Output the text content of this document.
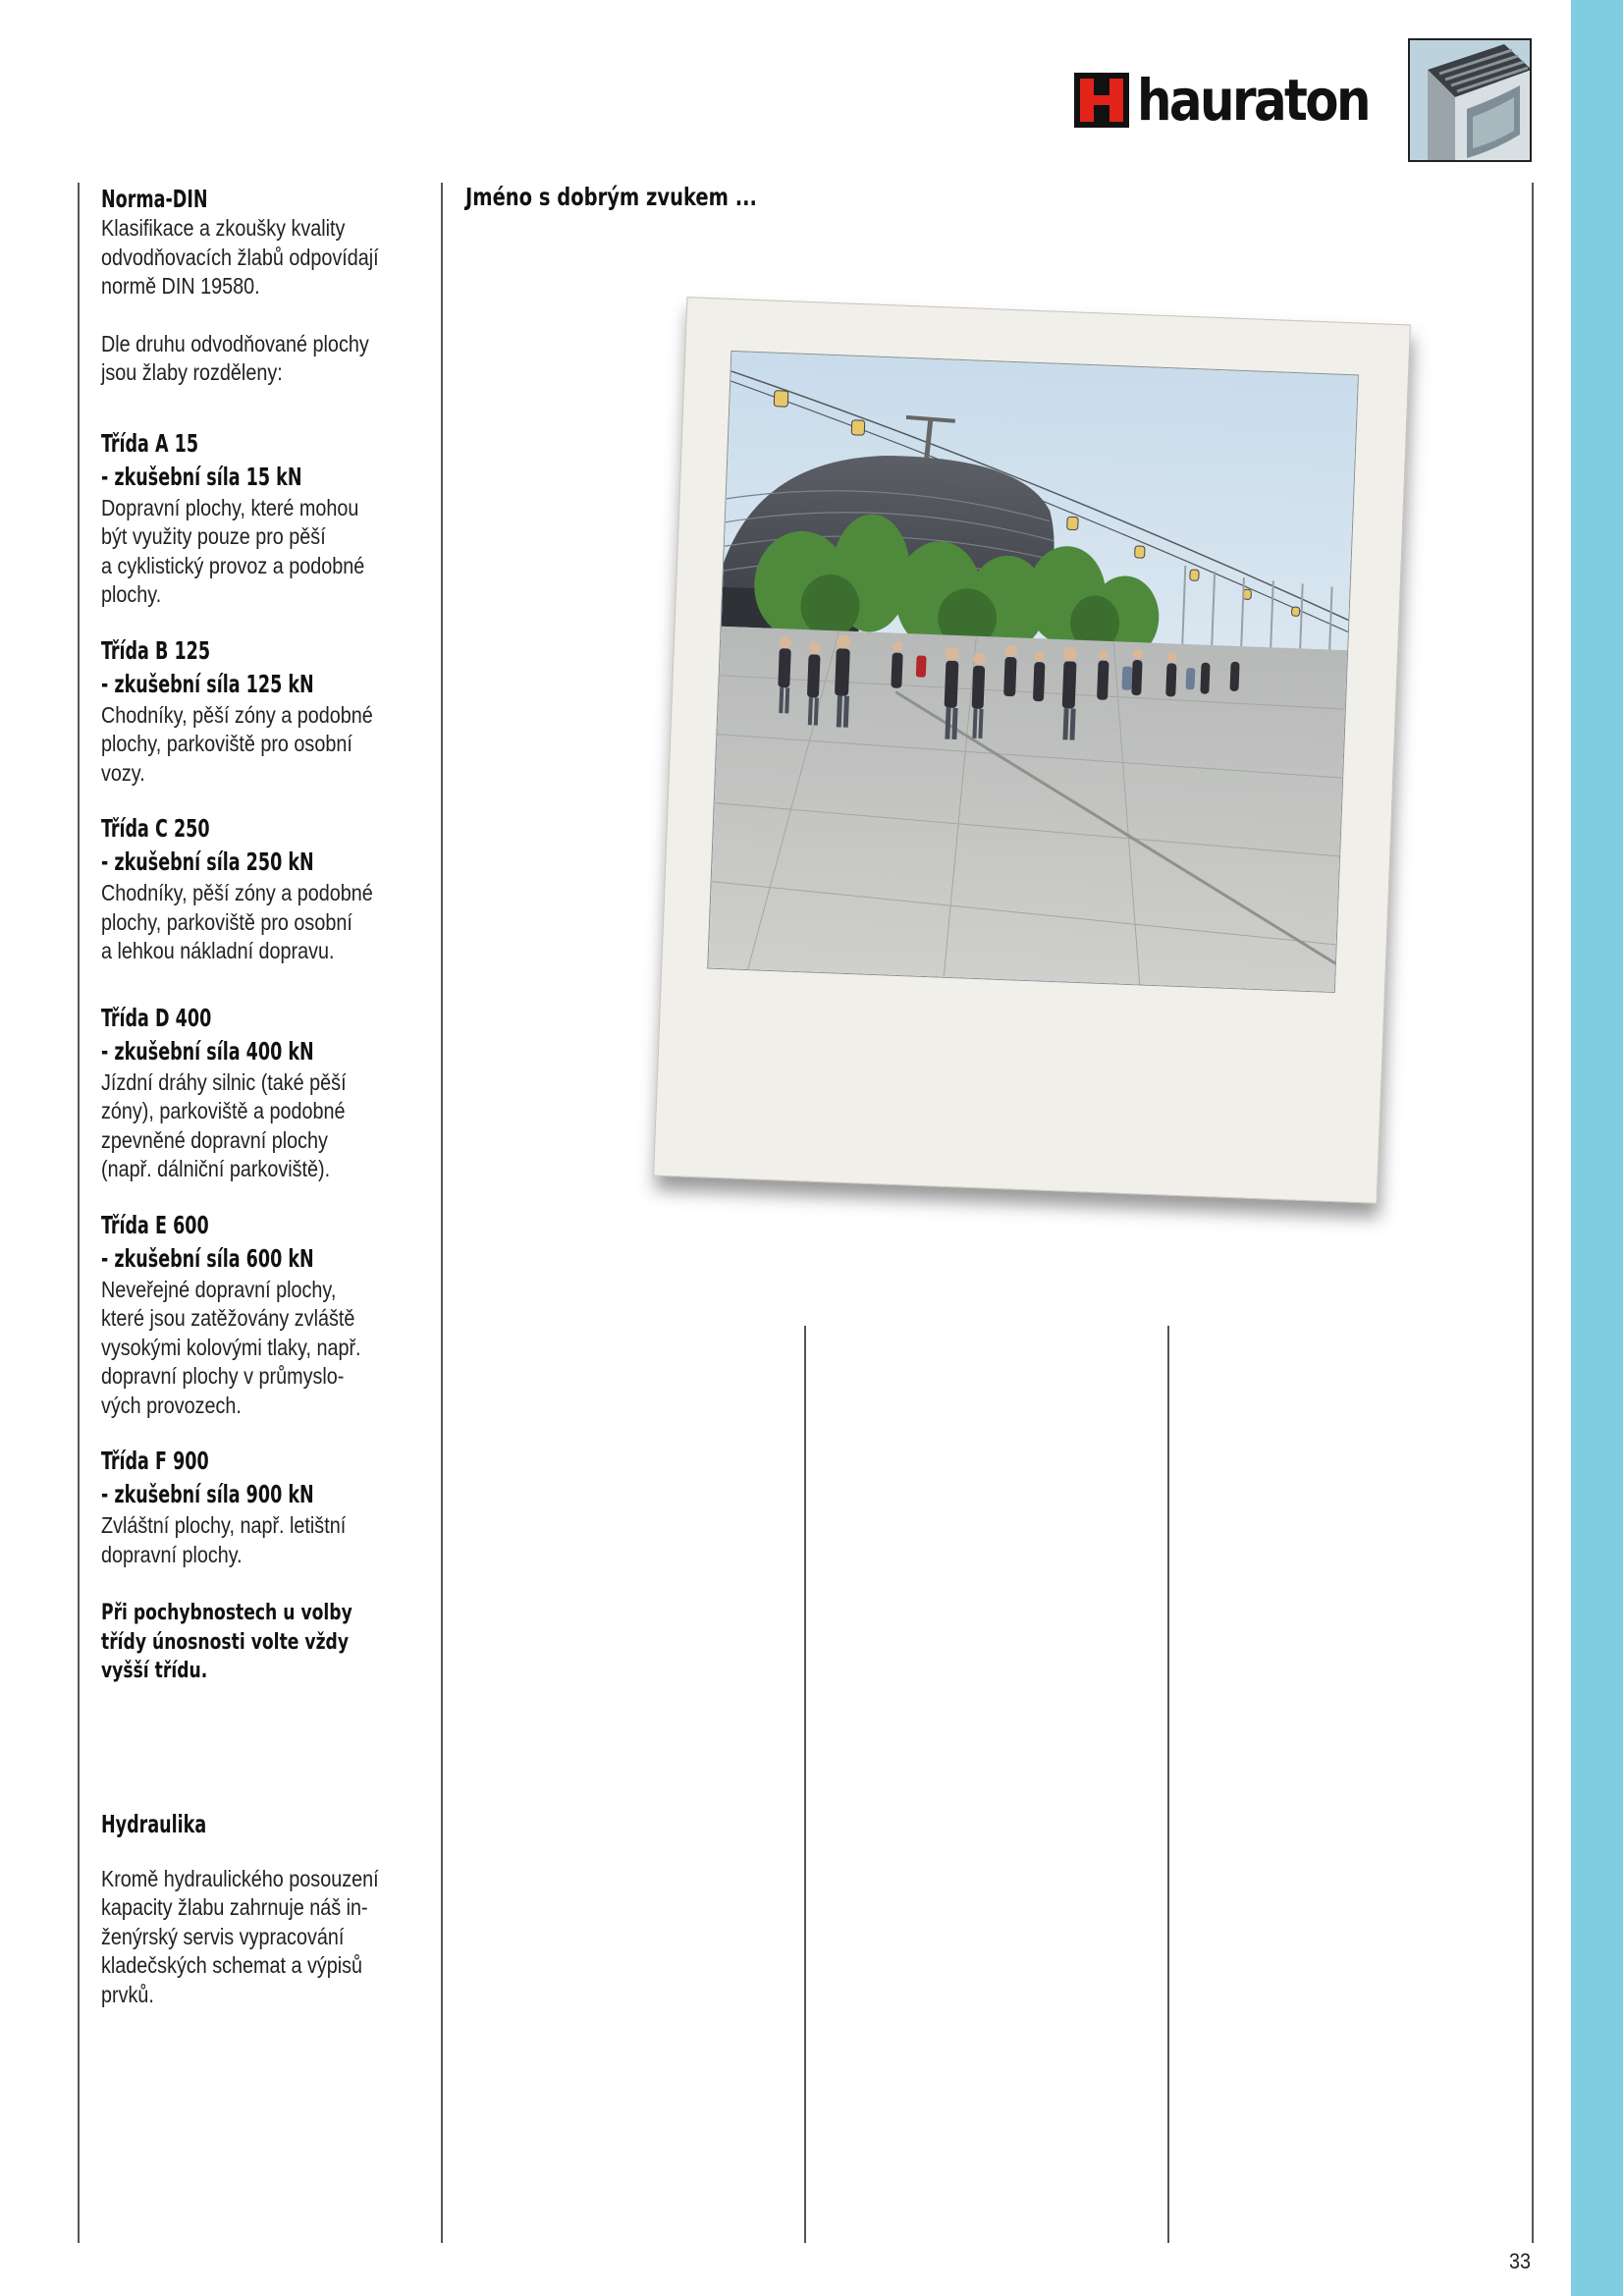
hauraton
Norma-DIN
Klasifikace a zkoušky kvality
odvodňovacích žlabů odpovídají
normě DIN 19580.
Dle druhu odvodňované plochy
jsou žlaby rozděleny:
Třída A 15
- zkušební síla 15 kN
Dopravní plochy, které mohou
být využity pouze pro pěší
a cyklistický provoz a podobné
plochy.
Třída B 125
- zkušební síla 125 kN
Chodníky, pěší zóny a podobné
plochy, parkoviště pro osobní
vozy.
Třída C 250
- zkušební síla 250 kN
Chodníky, pěší zóny a podobné
plochy, parkoviště pro osobní
a lehkou nákladní dopravu.
Třída D 400
- zkušební síla 400 kN
Jízdní dráhy silnic (také pěší
zóny), parkoviště a podobné
zpevněné dopravní plochy
(např. dálniční parkoviště).
Třída E 600
- zkušební síla 600 kN
Neveřejné dopravní plochy,
které jsou zatěžovány zvláště
vysokými kolovými tlaky, např.
dopravní plochy v průmyslo-
vých provozech.
Třída F 900
- zkušební síla 900 kN
Zvláštní plochy, např. letištní
dopravní plochy.
Při pochybnostech u volby
třídy únosnosti volte vždy
vyšší třídu.
Hydraulika
Kromě hydraulického posouzení
kapacity žlabu zahrnuje náš in-
ženýrský servis vypracování
kladečských schemat a výpisů
prvků.
Jméno s dobrým zvukem ...
33
